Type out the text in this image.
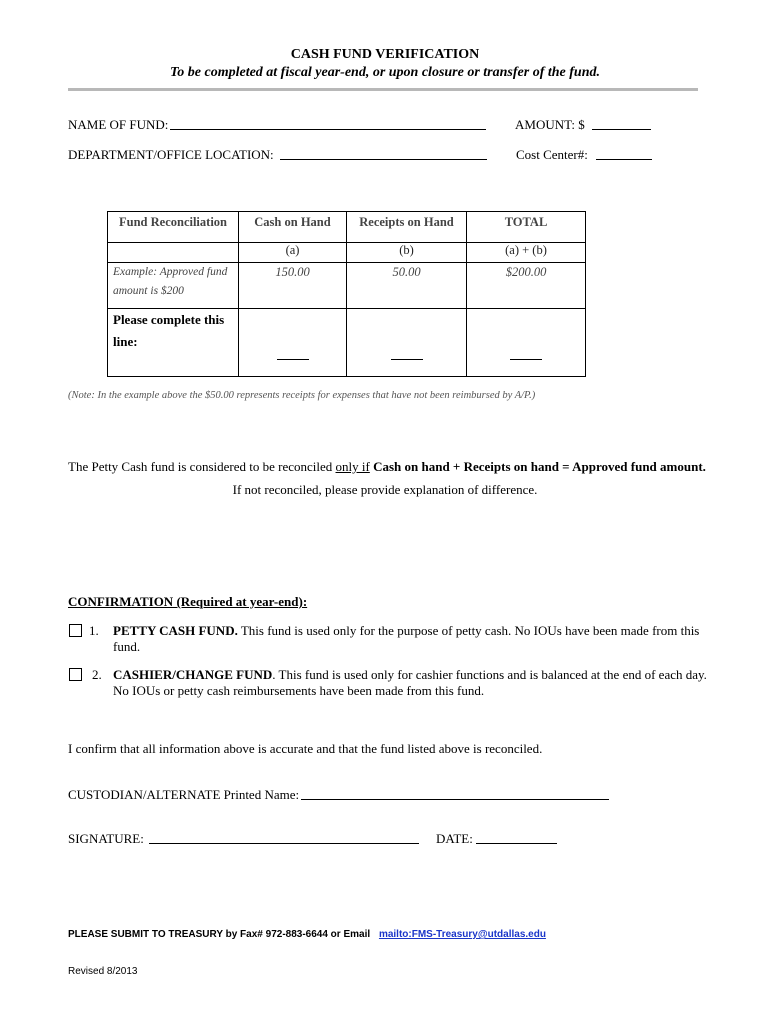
CASH FUND VERIFICATION
To be completed at fiscal year-end, or upon closure or transfer of the fund.
NAME OF FUND:	AMOUNT: $
DEPARTMENT/OFFICE LOCATION:	Cost Center#:
Fund Reconciliation	Cash on Hand	Receipts on Hand	TOTAL

	(a)	(b)	(a) + (b)

Example: Approved fund
amount is $200	150.00	50.00	$200.00

Please complete this
line:			

(Note: In the example above the $50.00 represents receipts for expenses that have not been reimbursed by A/P.)
The Petty Cash fund is considered to be reconciled only if Cash on hand + Receipts on hand = Approved fund amount.
If not reconciled, please provide explanation of difference.
CONFIRMATION (Required at year-end):
1. PETTY CASH FUND. This fund is used only for the purpose of petty cash. No IOUs have been made from this
fund.
2. CASHIER/CHANGE FUND. This fund is used only for cashier functions and is balanced at the end of each day.
No IOUs or petty cash reimbursements have been made from this fund.
I confirm that all information above is accurate and that the fund listed above is reconciled.
CUSTODIAN/ALTERNATE Printed Name:
SIGNATURE:	DATE:
PLEASE SUBMIT TO TREASURY by Fax# 972-883-6644 or Email mailto:FMS-Treasury@utdallas.edu
Revised 8/2013
